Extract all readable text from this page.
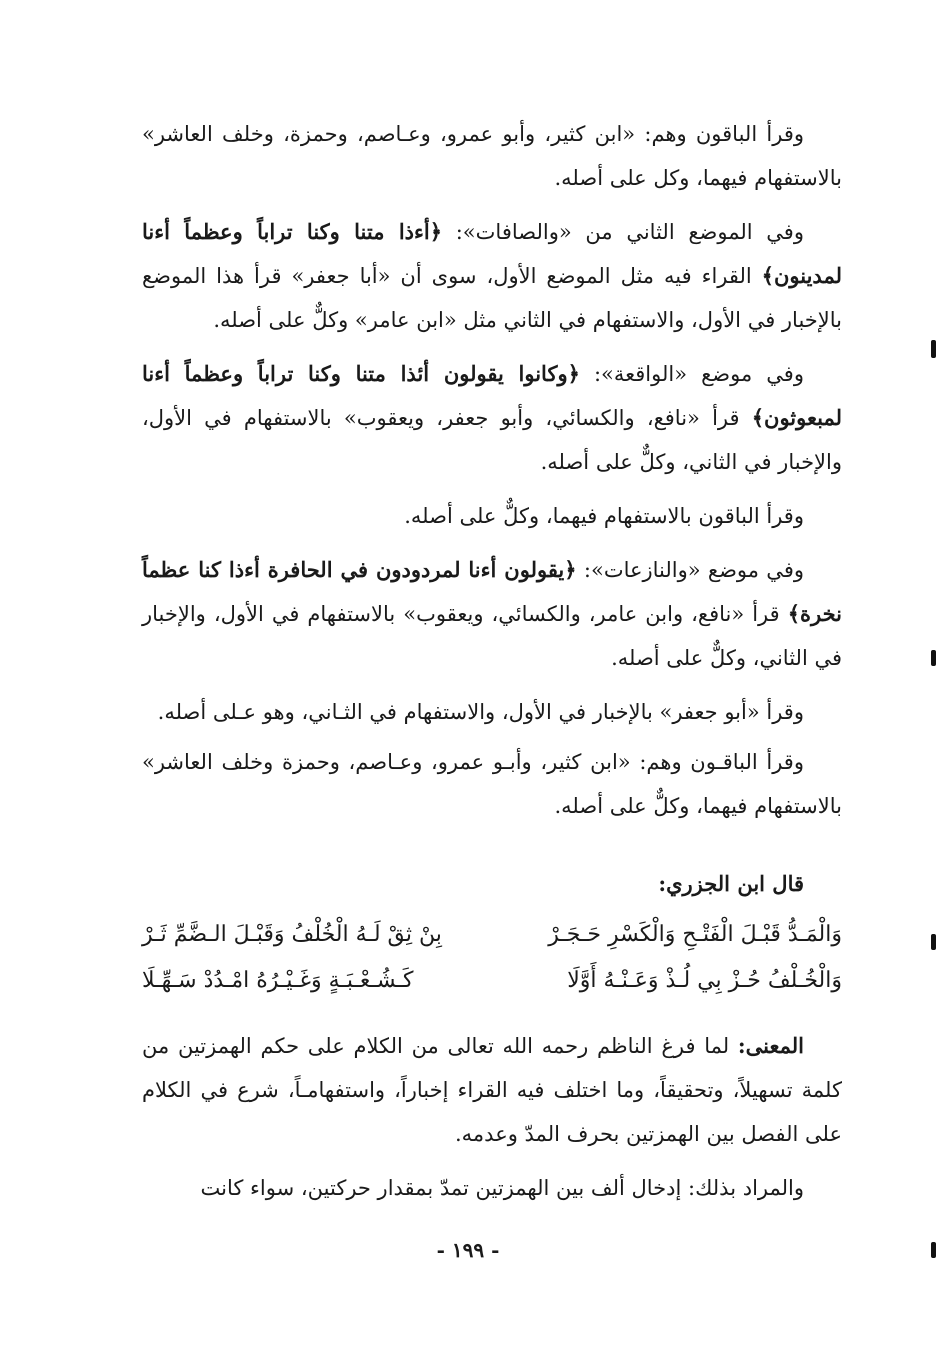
وقرأ الباقون وهم: «ابن كثير، وأبو عمرو، وعـاصم، وحمزة، وخلف العاشر» بالاستفهام فيهما، وكل على أصله.

وفي الموضع الثاني من «والصافات»: ﴿أءذا متنا وكنا تراباً وعظماً أءنا لمدينون﴾ القراء فيه مثل الموضع الأول، سوى أن «أبا جعفر» قرأ هذا الموضع بالإخبار في الأول، والاستفهام في الثاني مثل «ابن عامر» وكلٌّ على أصله.

وفي موضع «الواقعة»: ﴿وكانوا يقولون أئذا متنا وكنا تراباً وعظماً أءنا لمبعوثون﴾ قرأ «نافع، والكسائي، وأبو جعفر، ويعقوب» بالاستفهام في الأول، والإخبار في الثاني، وكلٌّ على أصله.

وقرأ الباقون بالاستفهام فيهما، وكلٌّ على أصله.

وفي موضع «والنازعات»: ﴿يقولون أءنا لمردودون في الحافرة أءذا كنا عظماً نخرة﴾ قرأ «نافع، وابن عامر، والكسائي، ويعقوب» بالاستفهام في الأول، والإخبار في الثاني، وكلٌّ على أصله.

وقرأ «أبو جعفر» بالإخبار في الأول، والاستفهام في الثـاني، وهو عـلى أصله.

وقرأ الباقـون وهم: «ابن كثير، وأبـو عمرو، وعـاصم، وحمزة وخلف العاشر» بالاستفهام فيهما، وكلٌّ على أصله.

قال ابن الجزري:

وَالْمَـدُّ قَبْـلَ الْفَتْـحِ وَالْكَسْرِ حَـجَـرْ
بِنْ ثِقْ لَـهُ الْخُلْفُ وَقَبْـلَ الـضَّمِّ ثَـرْ
وَالْخُـلْفُ حُـزْ بِي لُـذْ وَعَـنْـهُ أَوَّلَا
كَـشُـعْـبَـةٍ وَغَـيْـرُهُ امْـدُدْ سَـهِّـلَا

المعنى: لما فرغ الناظم رحمه الله تعالى من الكلام على حكم الهمزتين من كلمة تسهيلاً، وتحقيقاً، وما اختلف فيه القراء إخباراً، واستفهامـاً، شرع في الكلام على الفصل بين الهمزتين بحرف المدّ وعدمه.

والمراد بذلك: إدخال ألف بين الهمزتين تمدّ بمقدار حركتين، سواء كانت

- ١٩٩ -
